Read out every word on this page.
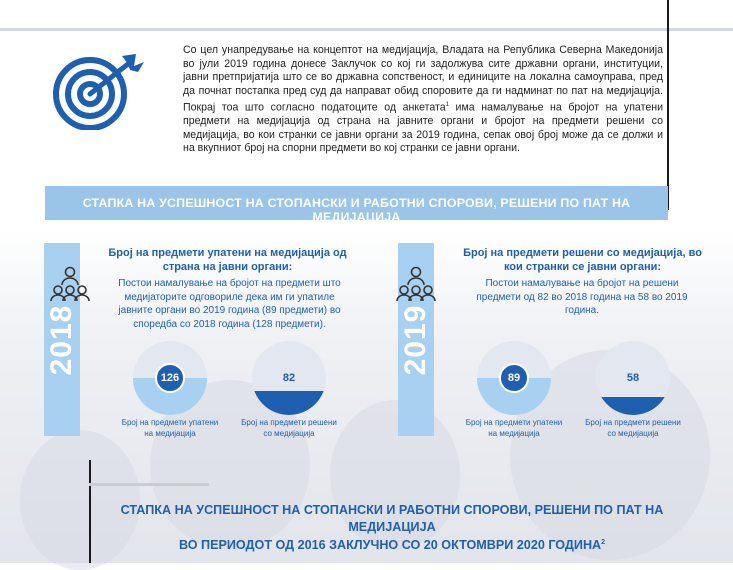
Со цел унапредување на концептот на медијација, Владата на Република Северна Македонија во јули 2019 година донесе Заклучок со кој ги задолжува сите државни органи, институции, јавни претпријатија што се во државна сопственост, и единиците на локална самоуправа, пред да почнат постапка пред суд да направат обид споровите да ги надминат по пат на медијација. Покрај тоа што согласно податоците од анкетата$^1$ има намалување на бројот на упатени предмети на медијација од страна на јавните органи и бројот на предмети решени со медијација, во кои странки се јавни органи за 2019 година, сепак овој број може да се должи и на вкупниот број на спорни предмети во кој странки се јавни органи.
СТАПКА НА УСПЕШНОСТ НА СТОПАНСКИ И РАБОТНИ СПОРОВИ, РЕШЕНИ ПО ПАТ НА МЕДИЈАЦИЈА
2018
Број на предмети упатени на медијација од страна на јавни органи:
Постои намалување на бројот на предмети што медијаторите одговориле дека им ги упатиле јавните органи во 2019 година (89 предмети) во споредба со 2018 година (128 предмети).
126	82
Број на предмети упатени на медијација
Број на предмети решени со медијација
2019
Број на предмети решени со медијација, во кои странки се јавни органи:
Постои намалување на бројот на решени предмети од 82 во 2018 година на 58 во 2019 година.
89	58
Број на предмети упатени на медијација
Број на предмети решени со медијација
СТАПКА НА УСПЕШНОСТ НА СТОПАНСКИ И РАБОТНИ СПОРОВИ, РЕШЕНИ ПО ПАТ НА МЕДИЈАЦИЈА
ВО ПЕРИОДОТ ОД 2016 ЗАКЛУЧНО СО 20 ОКТОМВРИ 2020 ГОДИНА$^2$
